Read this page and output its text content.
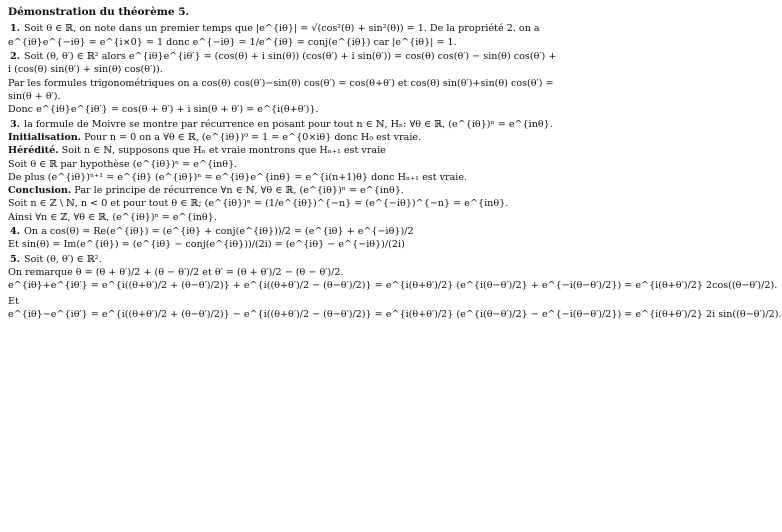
Démonstration du théorème 5.
1. Soit θ ∈ ℝ, on note dans un premier temps que |e^{iθ}| = √(cos²(θ) + sin²(θ)) = 1. De la propriété 2. on a
e^{iθ}e^{−iθ} = e^{i×0} = 1 donc e^{−iθ} = 1/e^{iθ} = conj(e^{iθ}) car |e^{iθ}| = 1.
2. Soit (θ, θ′) ∈ ℝ² alors e^{iθ}e^{iθ′} = (cos(θ) + i sin(θ)) (cos(θ′) + i sin(θ′)) = cos(θ) cos(θ′) − sin(θ) cos(θ′) +
i (cos(θ) sin(θ′) + sin(θ) cos(θ′)).
Par les formules trigonométriques on a cos(θ) cos(θ′)−sin(θ) cos(θ′) = cos(θ+θ′) et cos(θ) sin(θ′)+sin(θ) cos(θ′) =
sin(θ + θ′).
Donc e^{iθ}e^{iθ′} = cos(θ + θ′) + i sin(θ + θ′) = e^{i(θ+θ′)}.
3. la formule de Moivre se montre par récurrence en posant pour tout n ∈ ℕ, Hₙ: ∀θ ∈ ℝ, (e^{iθ})ⁿ = e^{inθ}.
Initialisation. Pour n = 0 on a ∀θ ∈ ℝ, (e^{iθ})⁰ = 1 = e^{0×iθ} donc H₀ est vraie.
Hérédité. Soit n ∈ ℕ, supposons que Hₙ et vraie montrons que Hₙ₊₁ est vraie
Soit θ ∈ ℝ par hypothèse (e^{iθ})ⁿ = e^{inθ}.
De plus (e^{iθ})ⁿ⁺¹ = e^{iθ} (e^{iθ})ⁿ = e^{iθ}e^{inθ} = e^{i(n+1)θ} donc Hₙ₊₁ est vraie.
Conclusion. Par le principe de récurrence ∀n ∈ ℕ, ∀θ ∈ ℝ, (e^{iθ})ⁿ = e^{inθ}.
Soit n ∈ ℤ \ ℕ, n < 0 et pour tout θ ∈ ℝ; (e^{iθ})ⁿ = (1/e^{iθ})^{−n} = (e^{−iθ})^{−n} = e^{inθ}.
Ainsi ∀n ∈ ℤ, ∀θ ∈ ℝ, (e^{iθ})ⁿ = e^{inθ}.
4. On a cos(θ) = Re(e^{iθ}) = (e^{iθ} + conj(e^{iθ}))/2 = (e^{iθ} + e^{−iθ})/2
Et sin(θ) = Im(e^{iθ}) = (e^{iθ} − conj(e^{iθ}))/(2i) = (e^{iθ} − e^{−iθ})/(2i)
5. Soit (θ, θ′) ∈ ℝ².
On remarque θ = (θ + θ′)/2 + (θ − θ′)/2 et θ′ = (θ + θ′)/2 − (θ − θ′)/2.
e^{iθ}+e^{iθ′} = e^{i((θ+θ′)/2 + (θ−θ′)/2)} + e^{i((θ+θ′)/2 − (θ−θ′)/2)} = e^{i(θ+θ′)/2} (e^{i(θ−θ′)/2} + e^{−i(θ−θ′)/2}) = e^{i(θ+θ′)/2} 2cos((θ−θ′)/2).
Et
e^{iθ}−e^{iθ′} = e^{i((θ+θ′)/2 + (θ−θ′)/2)} − e^{i((θ+θ′)/2 − (θ−θ′)/2)} = e^{i(θ+θ′)/2} (e^{i(θ−θ′)/2} − e^{−i(θ−θ′)/2}) = e^{i(θ+θ′)/2} 2i sin((θ−θ′)/2).
